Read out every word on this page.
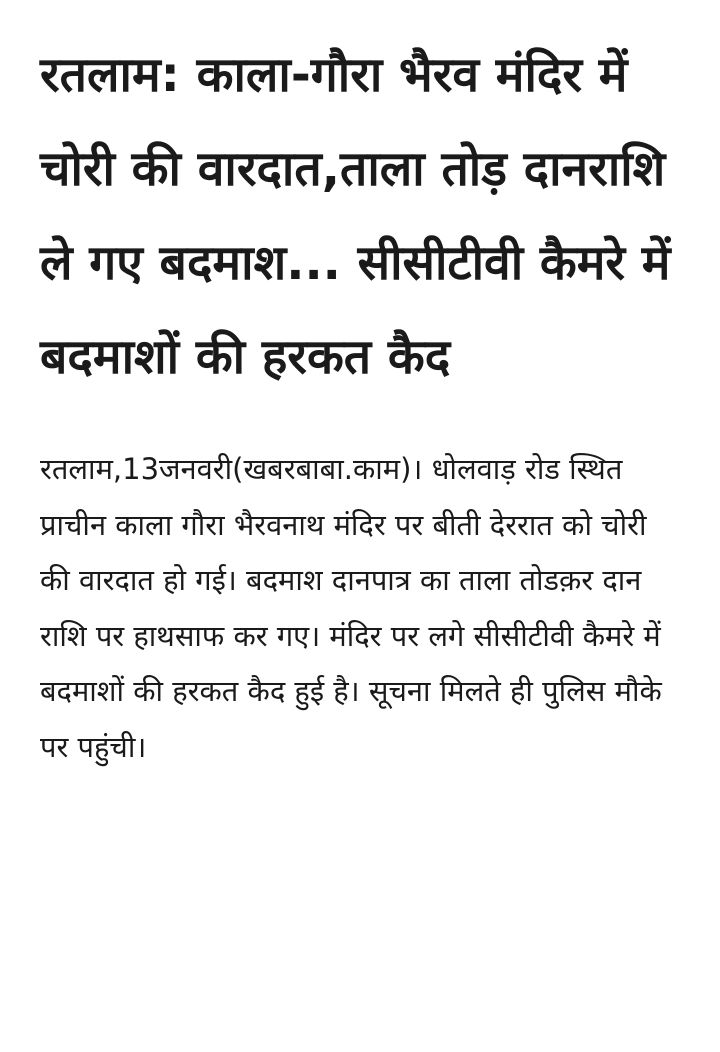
रतलाम: काला-गौरा भैरव मंदिर में चोरी की वारदात,ताला तोड़ दानराशि ले गए बदमाश... सीसीटीवी कैमरे में बदमाशों की हरकत कैद

रतलाम,13जनवरी(खबरबाबा.काम)। धोलवाड़ रोड स्थित प्राचीन काला गौरा भैरवनाथ मंदिर पर बीती देररात को चोरी की वारदात हो गई। बदमाश दानपात्र का ताला तोडक़र दान राशि पर हाथसाफ कर गए। मंदिर पर लगे सीसीटीवी कैमरे में बदमाशों की हरकत कैद हुई है। सूचना मिलते ही पुलिस मौके पर पहुंची।
